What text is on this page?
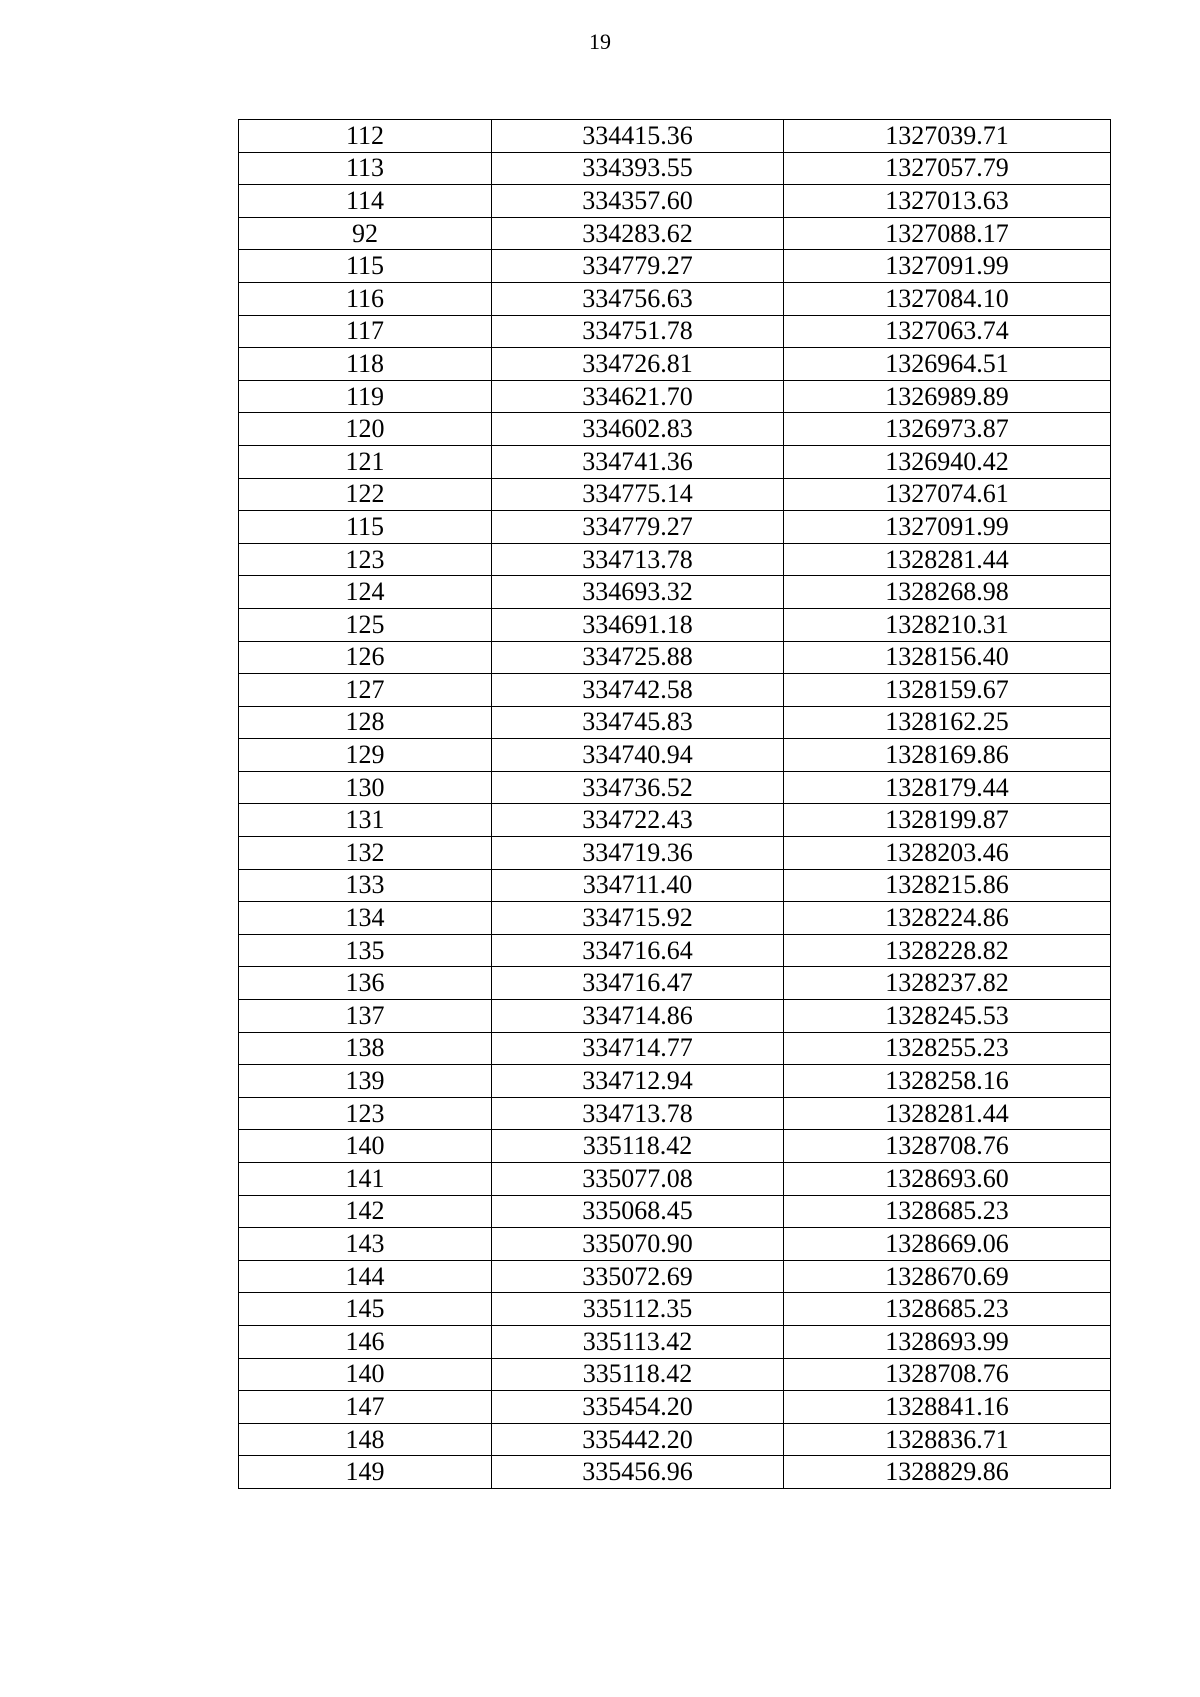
19
112	334415.36	1327039.71
113	334393.55	1327057.79
114	334357.60	1327013.63
92	334283.62	1327088.17
115	334779.27	1327091.99
116	334756.63	1327084.10
117	334751.78	1327063.74
118	334726.81	1326964.51
119	334621.70	1326989.89
120	334602.83	1326973.87
121	334741.36	1326940.42
122	334775.14	1327074.61
115	334779.27	1327091.99
123	334713.78	1328281.44
124	334693.32	1328268.98
125	334691.18	1328210.31
126	334725.88	1328156.40
127	334742.58	1328159.67
128	334745.83	1328162.25
129	334740.94	1328169.86
130	334736.52	1328179.44
131	334722.43	1328199.87
132	334719.36	1328203.46
133	334711.40	1328215.86
134	334715.92	1328224.86
135	334716.64	1328228.82
136	334716.47	1328237.82
137	334714.86	1328245.53
138	334714.77	1328255.23
139	334712.94	1328258.16
123	334713.78	1328281.44
140	335118.42	1328708.76
141	335077.08	1328693.60
142	335068.45	1328685.23
143	335070.90	1328669.06
144	335072.69	1328670.69
145	335112.35	1328685.23
146	335113.42	1328693.99
140	335118.42	1328708.76
147	335454.20	1328841.16
148	335442.20	1328836.71
149	335456.96	1328829.86
